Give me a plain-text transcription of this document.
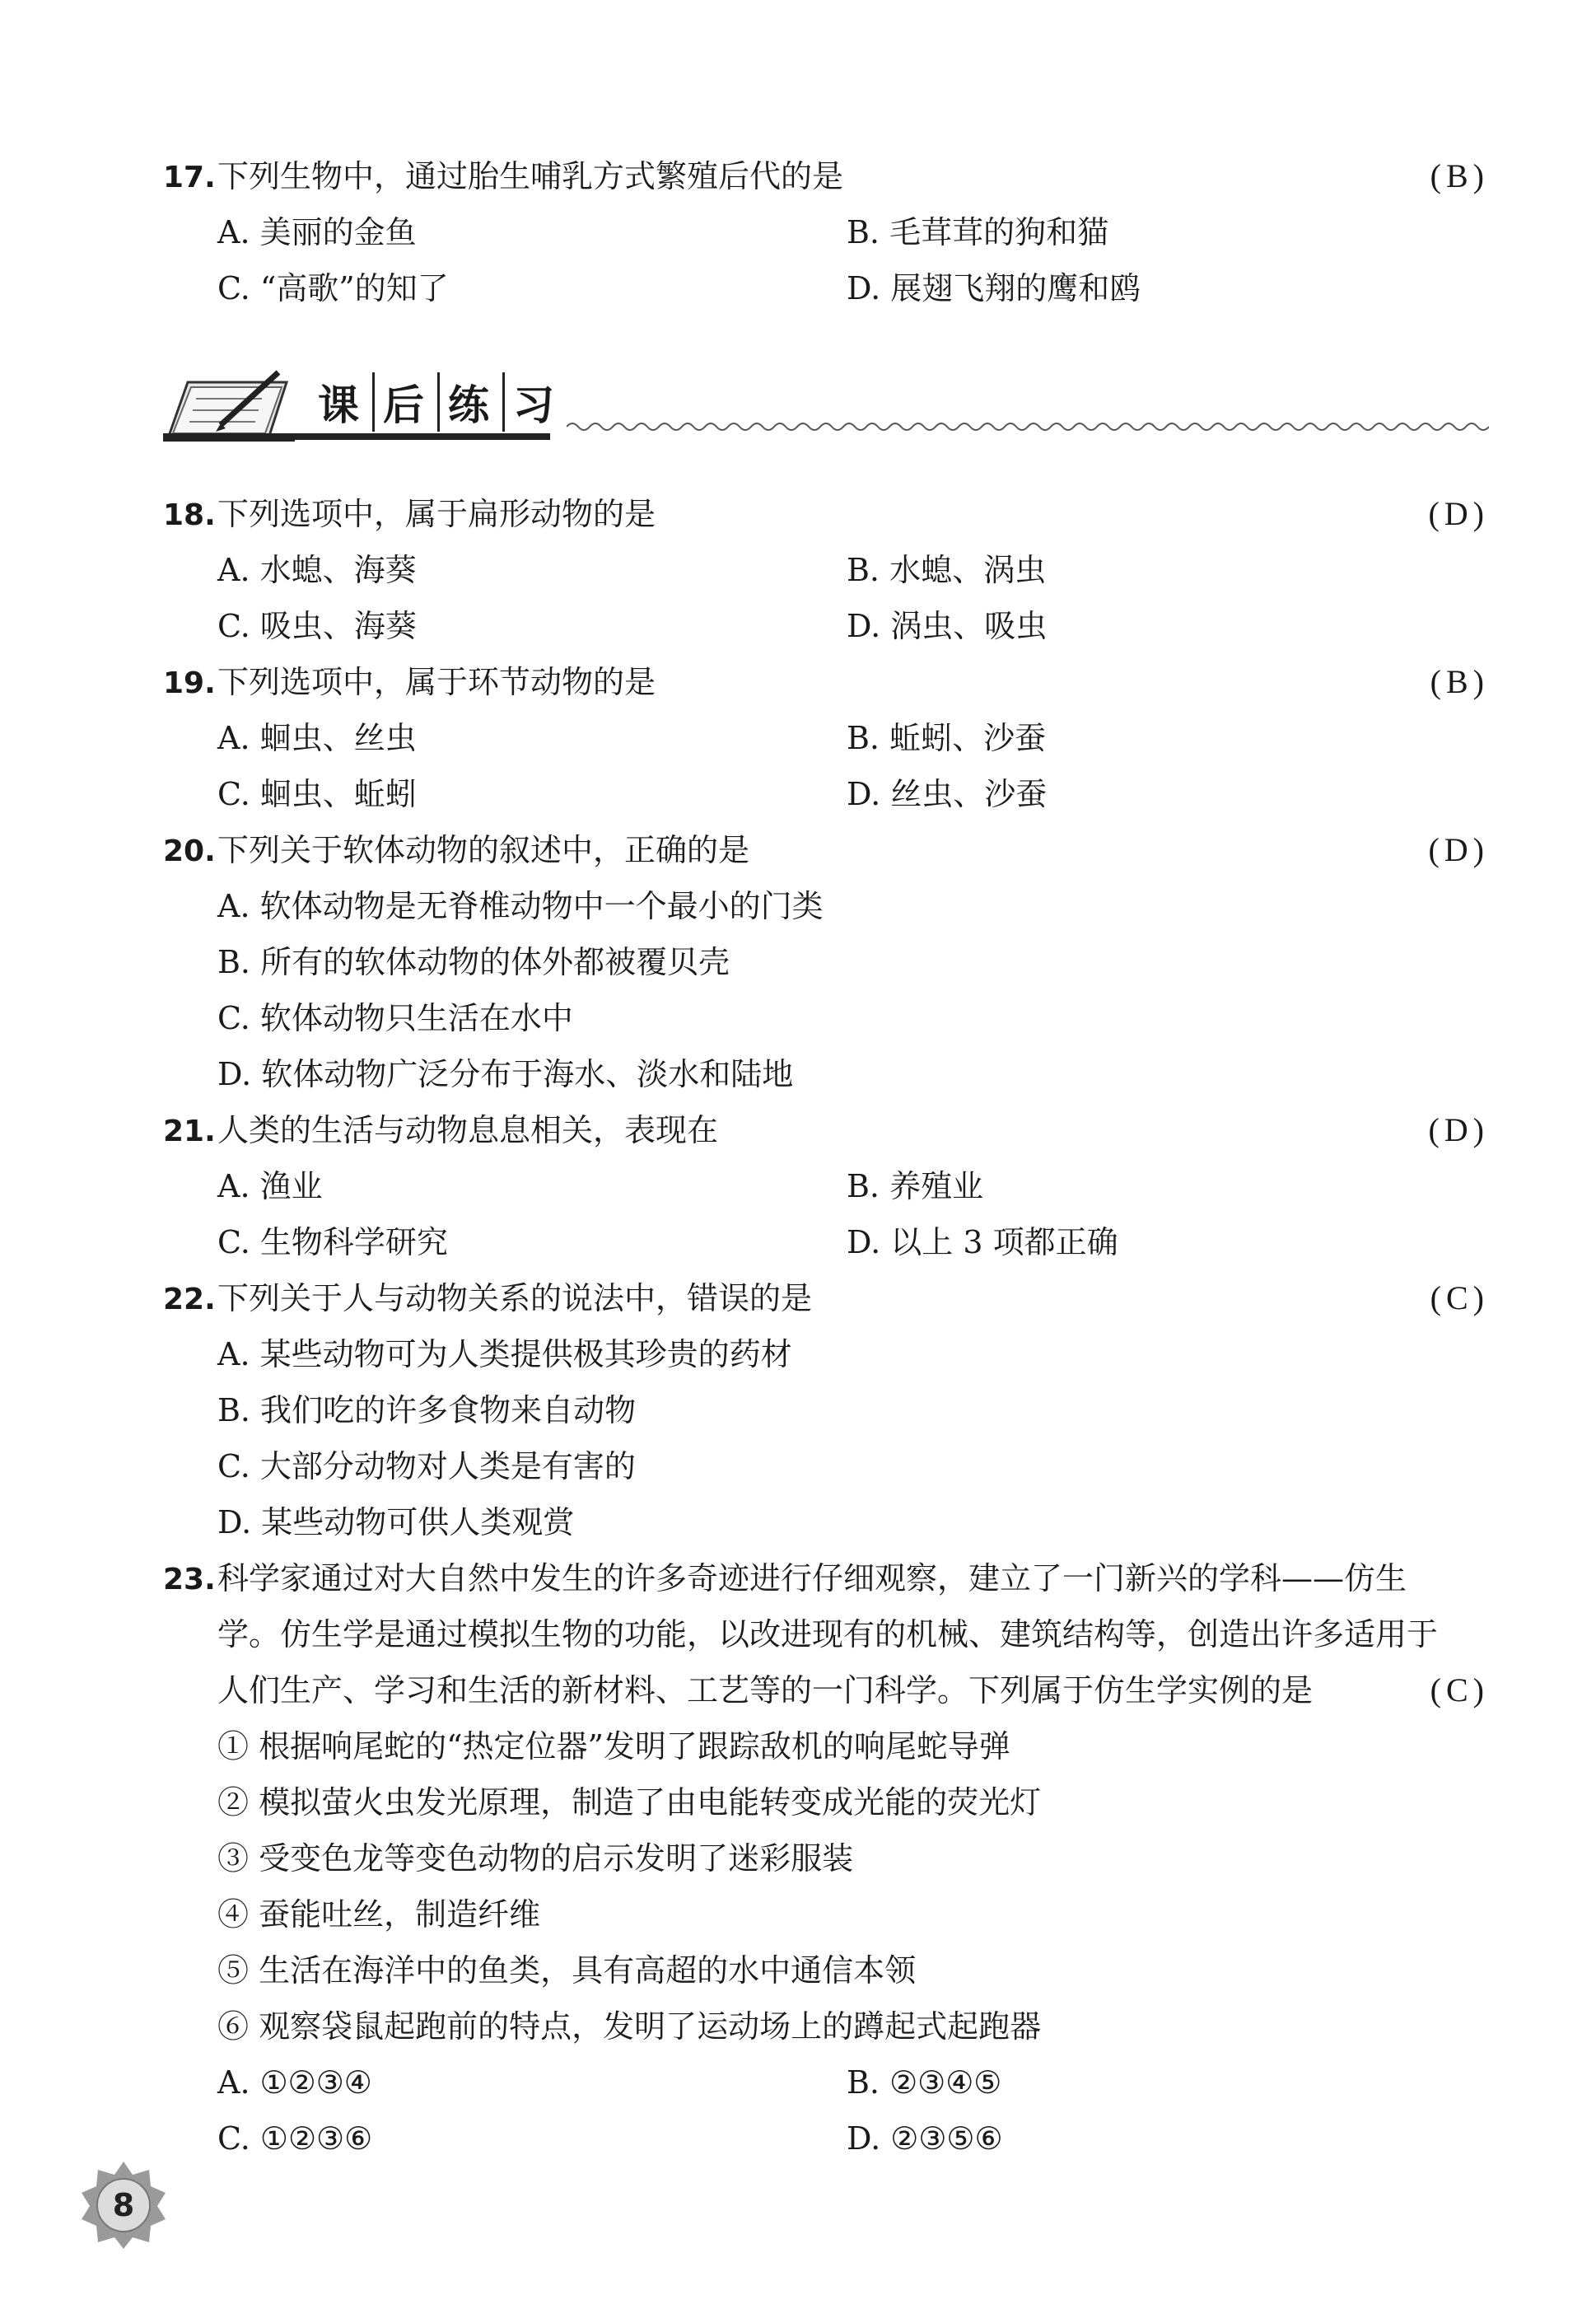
17.下列生物中，通过胎生哺乳方式繁殖后代的是	(B)
A. 美丽的金鱼	B. 毛茸茸的狗和猫
C. “高歌”的知了	D. 展翅飞翔的鹰和鸥
课 后 练 习
18.下列选项中，属于扁形动物的是	(D)
A. 水螅、海葵	B. 水螅、涡虫
C. 吸虫、海葵	D. 涡虫、吸虫
19.下列选项中，属于环节动物的是	(B)
A. 蛔虫、丝虫	B. 蚯蚓、沙蚕
C. 蛔虫、蚯蚓	D. 丝虫、沙蚕
20.下列关于软体动物的叙述中，正确的是	(D)
A. 软体动物是无脊椎动物中一个最小的门类
B. 所有的软体动物的体外都被覆贝壳
C. 软体动物只生活在水中
D. 软体动物广泛分布于海水、淡水和陆地
21.人类的生活与动物息息相关，表现在	(D)
A. 渔业	B. 养殖业
C. 生物科学研究	D. 以上 3 项都正确
22.下列关于人与动物关系的说法中，错误的是	(C)
A. 某些动物可为人类提供极其珍贵的药材
B. 我们吃的许多食物来自动物
C. 大部分动物对人类是有害的
D. 某些动物可供人类观赏
23.科学家通过对大自然中发生的许多奇迹进行仔细观察，建立了一门新兴的学科——仿生
学。仿生学是通过模拟生物的功能，以改进现有的机械、建筑结构等，创造出许多适用于
人们生产、学习和生活的新材料、工艺等的一门科学。下列属于仿生学实例的是	(C)
① 根据响尾蛇的“热定位器”发明了跟踪敌机的响尾蛇导弹
② 模拟萤火虫发光原理，制造了由电能转变成光能的荧光灯
③ 受变色龙等变色动物的启示发明了迷彩服装
④ 蚕能吐丝，制造纤维
⑤ 生活在海洋中的鱼类，具有高超的水中通信本领
⑥ 观察袋鼠起跑前的特点，发明了运动场上的蹲起式起跑器
A. ①②③④	B. ②③④⑤
C. ①②③⑥	D. ②③⑤⑥
8
